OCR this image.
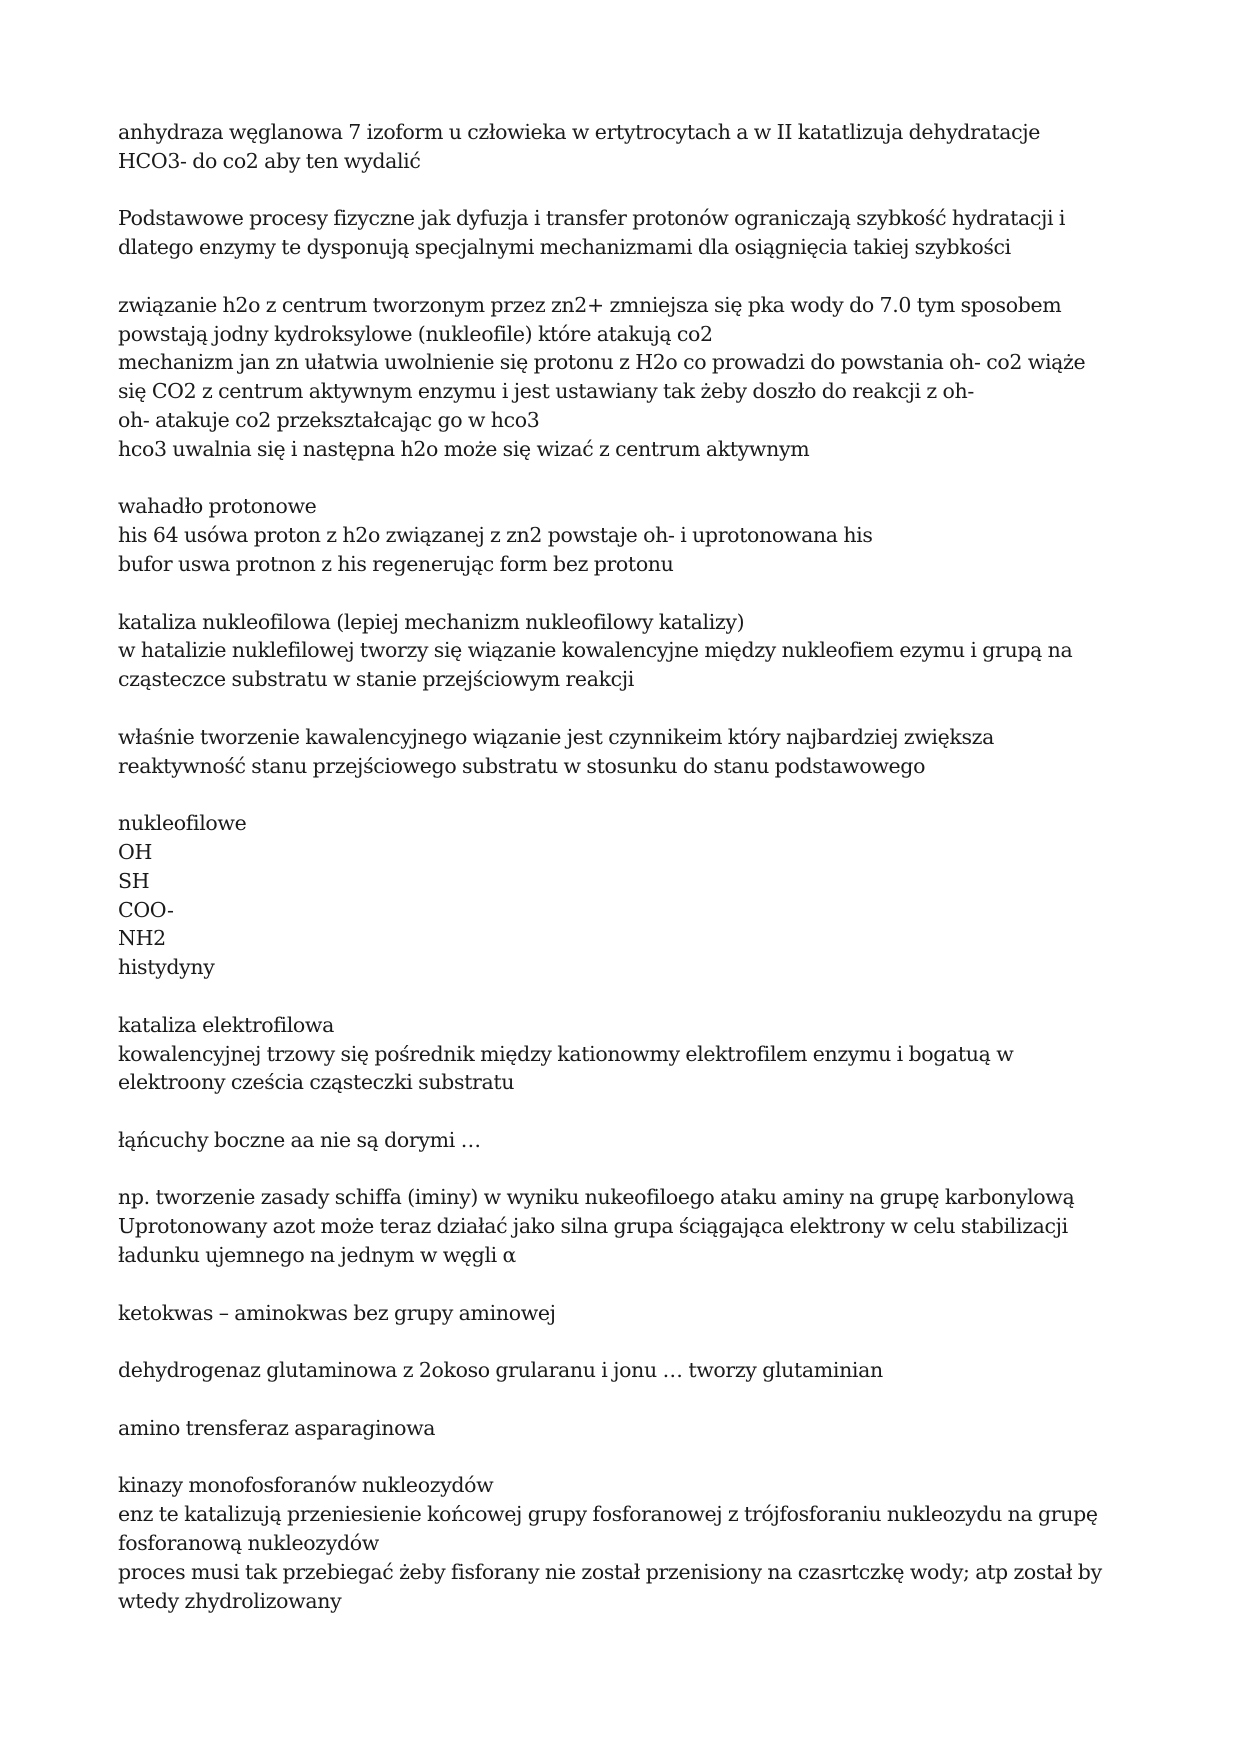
anhydraza węglanowa 7 izoform u człowieka w ertytrocytach a w II katatlizuja dehydratacje
HCO3- do co2 aby ten wydalić
Podstawowe procesy fizyczne jak dyfuzja i transfer protonów ograniczają szybkość hydratacji i
dlatego enzymy te dysponują specjalnymi mechanizmami dla osiągnięcia takiej szybkości
związanie h2o z centrum tworzonym przez zn2+ zmniejsza się pka wody do 7.0 tym sposobem
powstają jodny kydroksylowe (nukleofile) które atakują co2
mechanizm jan zn ułatwia uwolnienie się protonu z H2o co prowadzi do powstania oh- co2 wiąże
się CO2 z centrum aktywnym enzymu i jest ustawiany tak żeby doszło do reakcji z oh-
oh- atakuje co2 przekształcając go w hco3
hco3 uwalnia się i następna h2o może się wizać z centrum aktywnym
wahadło protonowe
his 64 usówa proton z h2o związanej z zn2 powstaje oh- i uprotonowana his
bufor uswa protnon z his regenerując form bez protonu
kataliza nukleofilowa (lepiej mechanizm nukleofilowy katalizy)
w hatalizie nuklefilowej tworzy się wiązanie kowalencyjne między nukleofiem ezymu i grupą na
cząsteczce substratu w stanie przejściowym reakcji
właśnie tworzenie kawalencyjnego wiązanie jest czynnikeim który najbardziej zwiększa
reaktywność stanu przejściowego substratu w stosunku do stanu podstawowego
nukleofilowe
OH
SH
COO-
NH2
histydyny
kataliza elektrofilowa
kowalencyjnej trzowy się pośrednik między kationowmy elektrofilem enzymu i bogatuą w
elektroony cześcia cząsteczki substratu
łąńcuchy boczne aa nie są dorymi …
np. tworzenie zasady schiffa (iminy) w wyniku nukeofiloego ataku aminy na grupę karbonylową
Uprotonowany azot może teraz działać jako silna grupa ściągająca elektrony w celu stabilizacji
ładunku ujemnego na jednym w węgli α
ketokwas – aminokwas bez grupy aminowej
dehydrogenaz glutaminowa z 2okoso grularanu i jonu … tworzy glutaminian
amino trensferaz asparaginowa
kinazy monofosforanów nukleozydów
enz te katalizują przeniesienie końcowej grupy fosforanowej z trójfosforaniu nukleozydu na grupę
fosforanową nukleozydów
proces musi tak przebiegać żeby fisforany nie został przenisiony na czasrtczkę wody; atp został by
wtedy zhydrolizowany
